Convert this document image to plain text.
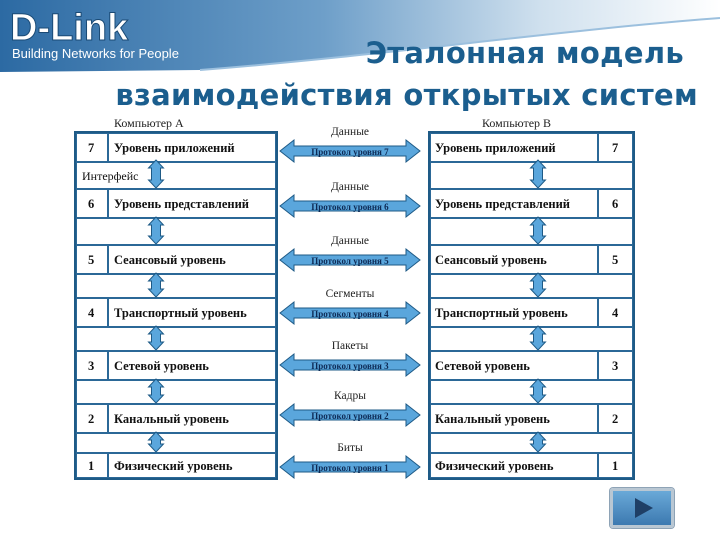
D-Link
Building Networks for People	Эталонная модель
взаимодействия открытых систем
Компьютер А	Компьютер В
7 Уровень приложений
Интерфейс
6 Уровень представлений
5 Сеансовый уровень
4 Транспортный уровень
3 Сетевой уровень
2 Канальный уровень
1 Физический уровень
Уровень приложений	7
Уровень представлений	6
Сеансовый уровень	5
Транспортный уровень	4
Сетевой уровень	3
Канальный уровень	2
Физический уровень	1
Данные
Протокол уровня 7
Данные
Протокол уровня 6
Данные
Протокол уровня 5
Сегменты
Протокол уровня 4
Пакеты
Протокол уровня 3
Кадры
Протокол уровня 2
Биты
Протокол уровня 1
